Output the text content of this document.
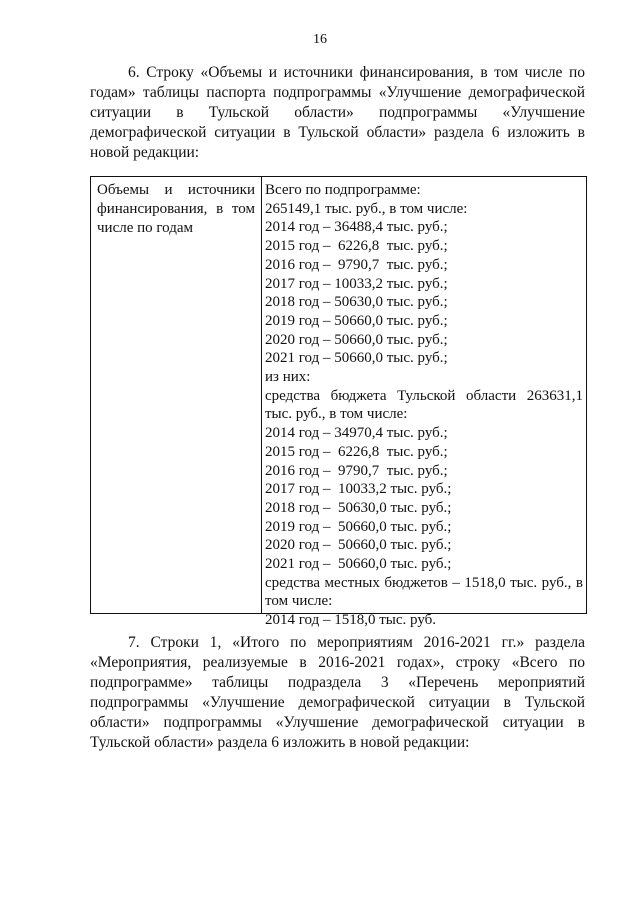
16
6. Строку «Объемы и источники финансирования, в том числе по
годам» таблицы паспорта подпрограммы «Улучшение демографической
ситуации в Тульской области» подпрограммы «Улучшение
демографической ситуации в Тульской области» раздела 6 изложить в
новой редакции:
Объемы и источники
финансирования, в том
числе по годам
Всего по подпрограмме:
265149,1 тыс. руб., в том числе:
2014 год – 36488,4 тыс. руб.;
2015 год –  6226,8  тыс. руб.;
2016 год –  9790,7  тыс. руб.;
2017 год – 10033,2 тыс. руб.;
2018 год – 50630,0 тыс. руб.;
2019 год – 50660,0 тыс. руб.;
2020 год – 50660,0 тыс. руб.;
2021 год – 50660,0 тыс. руб.;
из них:
средства бюджета Тульской области 263631,1
тыс. руб., в том числе:
2014 год – 34970,4 тыс. руб.;
2015 год –  6226,8  тыс. руб.;
2016 год –  9790,7  тыс. руб.;
2017 год –  10033,2 тыс. руб.;
2018 год –  50630,0 тыс. руб.;
2019 год –  50660,0 тыс. руб.;
2020 год –  50660,0 тыс. руб.;
2021 год –  50660,0 тыс. руб.;
средства местных бюджетов – 1518,0 тыс. руб., в
том числе:
2014 год – 1518,0 тыс. руб.
7. Строки 1, «Итого по мероприятиям 2016-2021 гг.» раздела
«Мероприятия, реализуемые в 2016-2021 годах», строку «Всего по
подпрограмме» таблицы подраздела 3 «Перечень мероприятий
подпрограммы «Улучшение демографической ситуации в Тульской
области» подпрограммы «Улучшение демографической ситуации в
Тульской области» раздела 6 изложить в новой редакции:
